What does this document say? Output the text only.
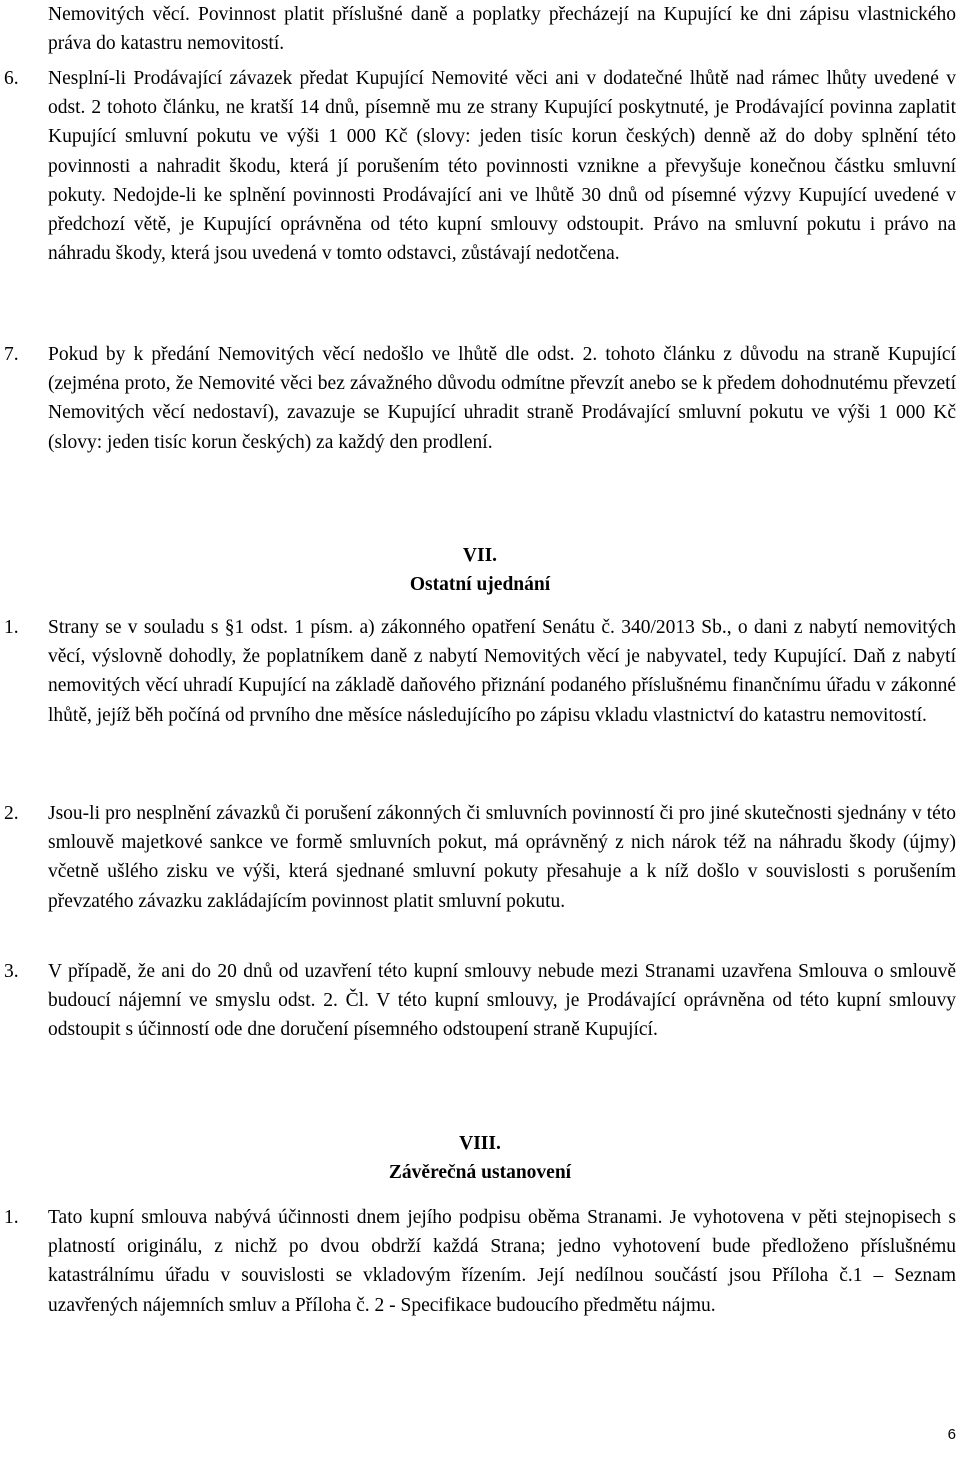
Nemovitých věcí. Povinnost platit příslušné daně a poplatky přecházejí na Kupující ke dni zápisu vlastnického práva do katastru nemovitostí.

6.	Nesplní-li Prodávající závazek předat Kupující Nemovité věci ani v dodatečné lhůtě nad rámec lhůty uvedené v odst. 2 tohoto článku, ne kratší 14 dnů, písemně mu ze strany Kupující poskytnuté, je Prodávající povinna zaplatit Kupující smluvní pokutu ve výši 1 000 Kč (slovy: jeden tisíc korun českých) denně až do doby splnění této povinnosti a nahradit škodu, která jí porušením této povinnosti vznikne a převyšuje konečnou částku smluvní pokuty. Nedojde-li ke splnění povinnosti Prodávající ani ve lhůtě 30 dnů od písemné výzvy Kupující uvedené v předchozí větě, je Kupující oprávněna od této kupní smlouvy odstoupit. Právo na smluvní pokutu i právo na náhradu škody, která jsou uvedená v tomto odstavci, zůstávají nedotčena.

7.	Pokud by k předání Nemovitých věcí nedošlo ve lhůtě dle odst. 2. tohoto článku z důvodu na straně Kupující (zejména proto, že Nemovité věci bez závažného důvodu odmítne převzít anebo se k předem dohodnutému převzetí Nemovitých věcí nedostaví), zavazuje se Kupující uhradit straně Prodávající smluvní pokutu ve výši 1 000 Kč (slovy: jeden tisíc korun českých) za každý den prodlení.

VII.
Ostatní ujednání
1.	Strany se v souladu s §1 odst. 1 písm. a) zákonného opatření Senátu č. 340/2013 Sb., o dani z nabytí nemovitých věcí, výslovně dohodly, že poplatníkem daně z nabytí Nemovitých věcí je nabyvatel, tedy Kupující. Daň z nabytí nemovitých věcí uhradí Kupující na základě daňového přiznání podaného příslušnému finančnímu úřadu v zákonné lhůtě, jejíž běh počíná od prvního dne měsíce následujícího po zápisu vkladu vlastnictví do katastru nemovitostí.

2.	Jsou-li pro nesplnění závazků či porušení zákonných či smluvních povinností či pro jiné skutečnosti sjednány v této smlouvě majetkové sankce ve formě smluvních pokut, má oprávněný z nich nárok též na náhradu škody (újmy) včetně ušlého zisku ve výši, která sjednané smluvní pokuty přesahuje a k níž došlo v souvislosti s porušením převzatého závazku zakládajícím povinnost platit smluvní pokutu.

3.	V případě, že ani do 20 dnů od uzavření této kupní smlouvy nebude mezi Stranami uzavřena Smlouva o smlouvě budoucí nájemní ve smyslu odst. 2. Čl. V této kupní smlouvy, je Prodávající oprávněna od této kupní smlouvy odstoupit s účinností ode dne doručení písemného odstoupení straně Kupující.

VIII.
Závěrečná ustanovení
1.	Tato kupní smlouva nabývá účinnosti dnem jejího podpisu oběma Stranami. Je vyhotovena v pěti stejnopisech s platností originálu, z nichž po dvou obdrží každá Strana; jedno vyhotovení bude předloženo příslušnému katastrálnímu úřadu v souvislosti se vkladovým řízením. Její nedílnou součástí jsou Příloha č.1 – Seznam uzavřených nájemních smluv a Příloha č. 2 - Specifikace budoucího předmětu nájmu.

6
